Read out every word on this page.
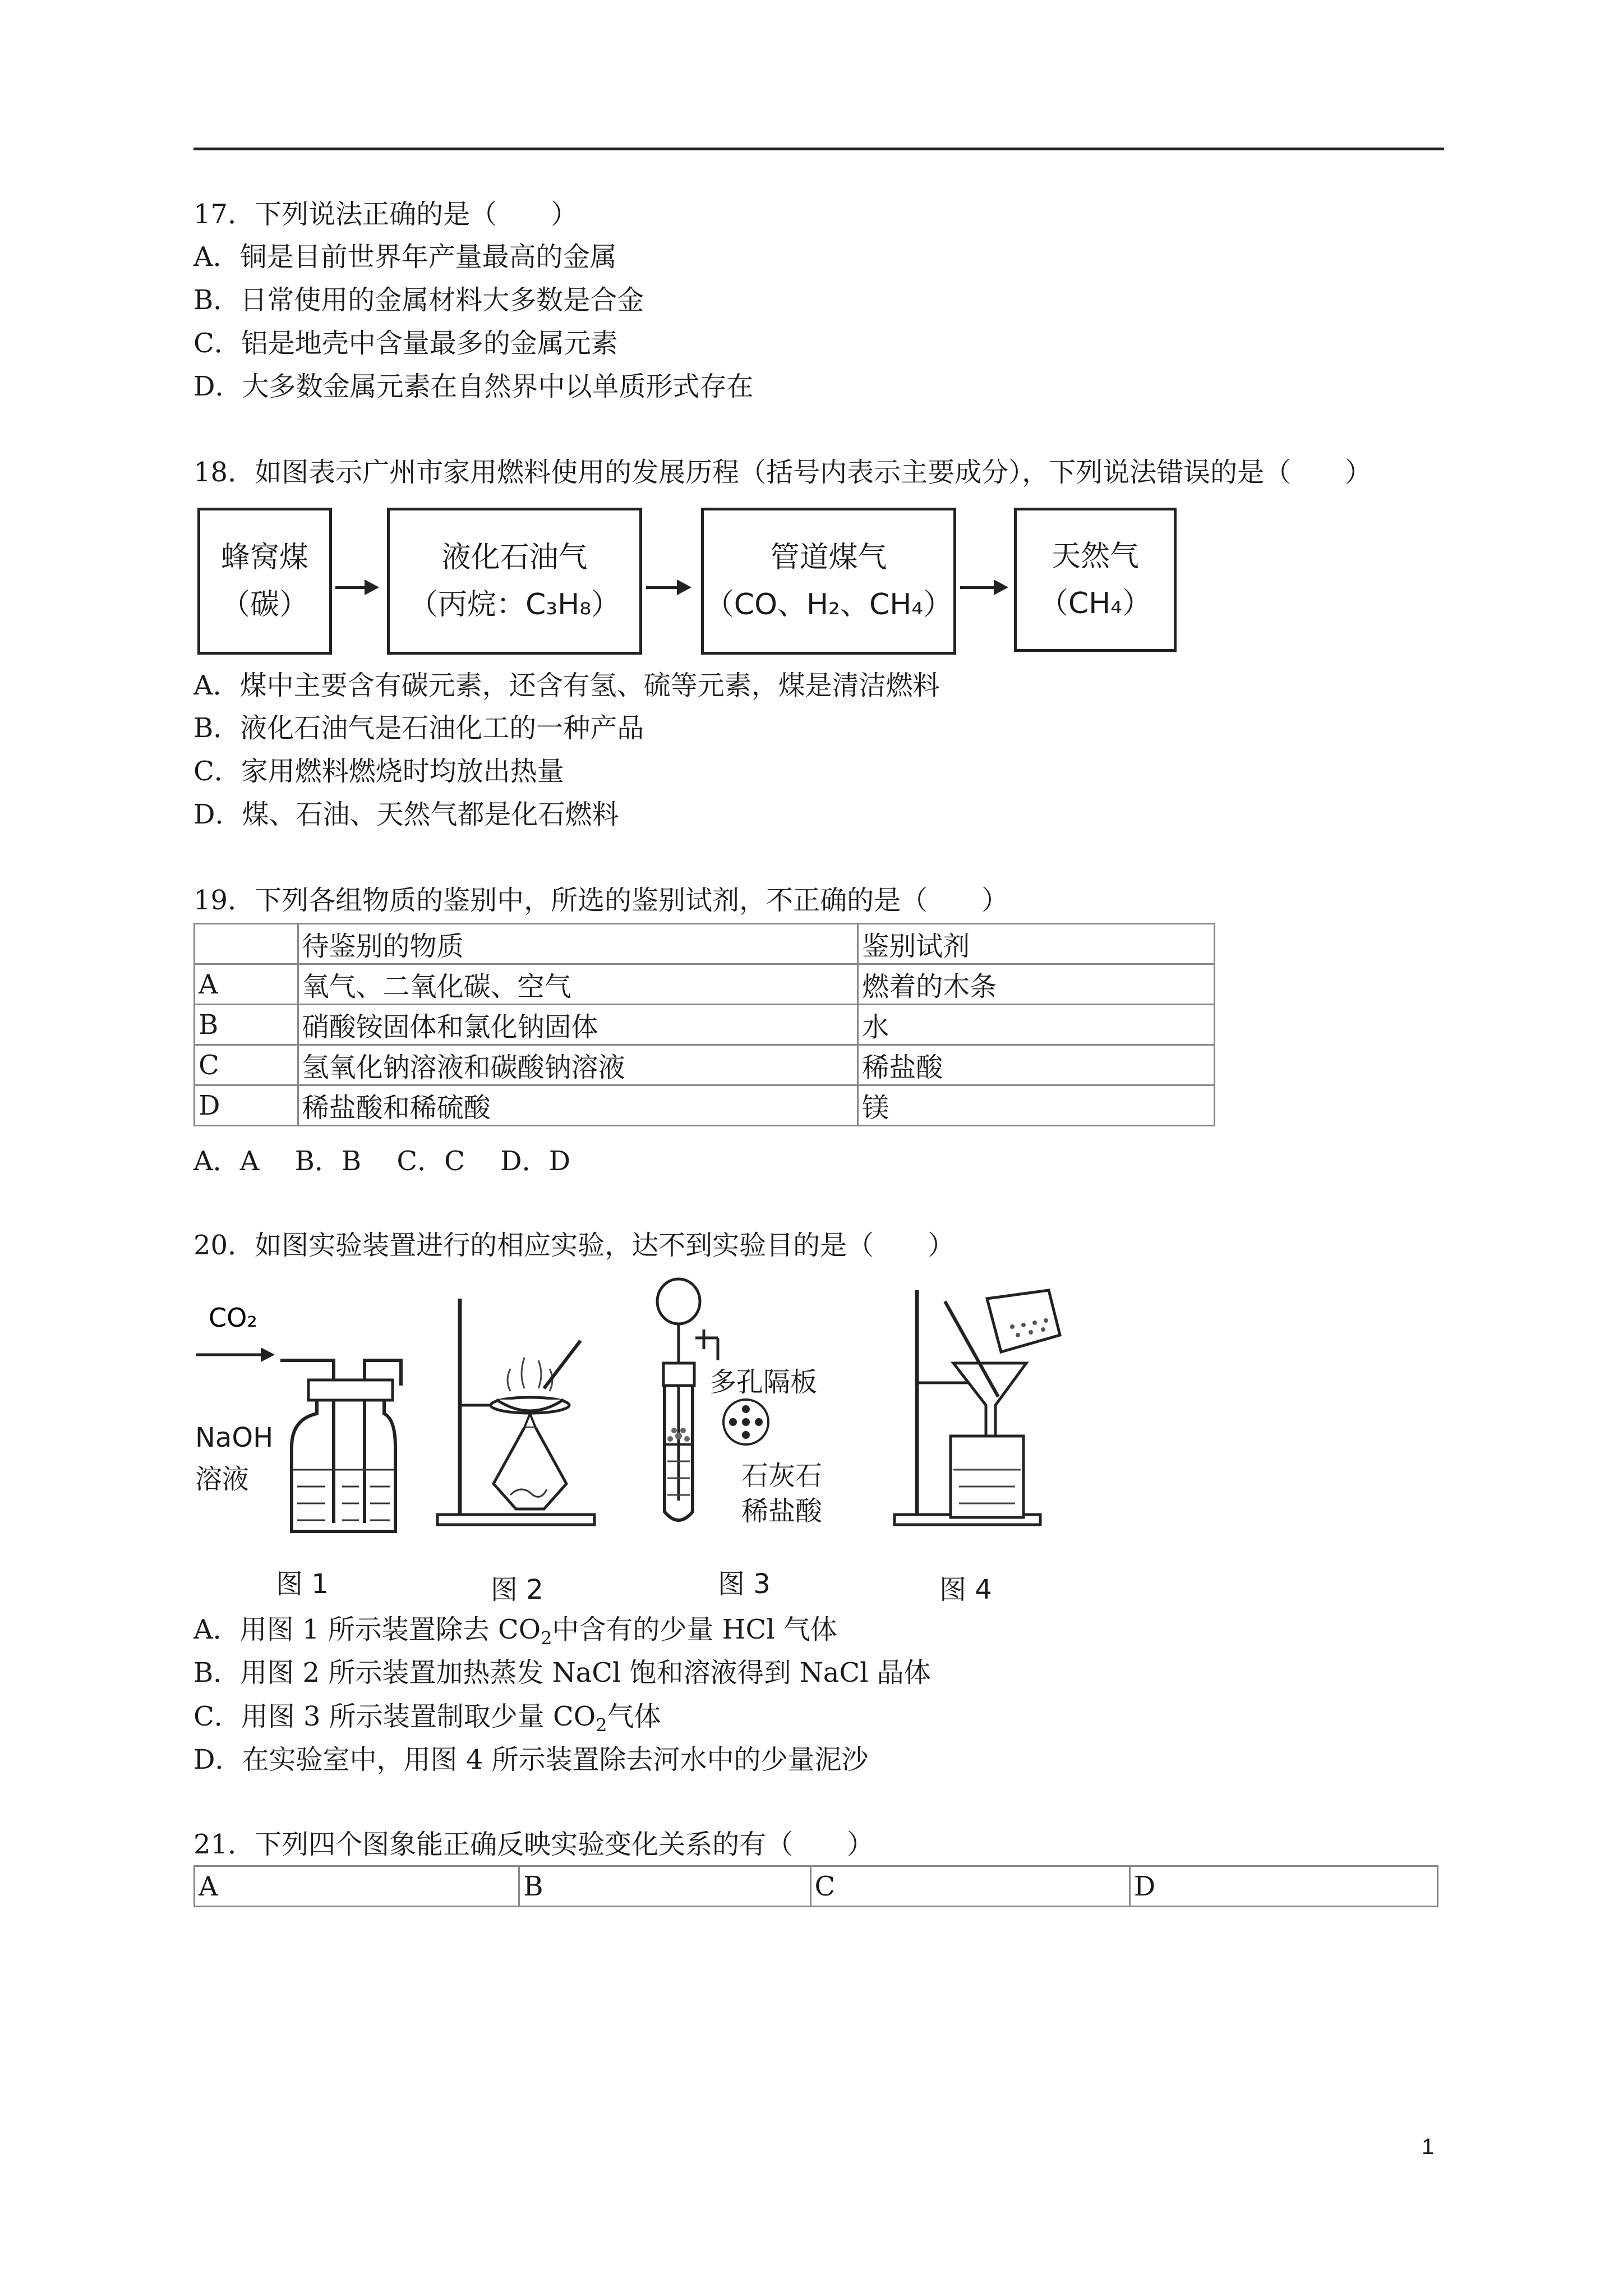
17．下列说法正确的是（　　）
A．铜是目前世界年产量最高的金属
B．日常使用的金属材料大多数是合金
C．铝是地壳中含量最多的金属元素
D．大多数金属元素在自然界中以单质形式存在
18．如图表示广州市家用燃料使用的发展历程（括号内表示主要成分），下列说法错误的是（　　）
蜂窝煤
（碳）
液化石油气
（丙烷：C₃H₈）
管道煤气
（CO、H₂、CH₄）
天然气
（CH₄）
A．煤中主要含有碳元素，还含有氢、硫等元素，煤是清洁燃料
B．液化石油气是石油化工的一种产品
C．家用燃料燃烧时均放出热量
D．煤、石油、天然气都是化石燃料
19．下列各组物质的鉴别中，所选的鉴别试剂，不正确的是（　　）
	待鉴别的物质	鉴别试剂
A	氧气、二氧化碳、空气	燃着的木条
B	硝酸铵固体和氯化钠固体	水
C	氢氧化钠溶液和碳酸钠溶液	稀盐酸
D	稀盐酸和稀硫酸	镁
A．A　 B．B　 C．C　 D．D
20．如图实验装置进行的相应实验，达不到实验目的是（　　）
CO₂
NaOH
溶液
多孔隔板
石灰石
稀盐酸
图 1	图 2	图 3	图 4
A．用图 1 所示装置除去 $CO_2$中含有的少量 HCl 气体
B．用图 2 所示装置加热蒸发 NaCl 饱和溶液得到 NaCl 晶体
C．用图 3 所示装置制取少量 $CO_2$气体
D．在实验室中，用图 4 所示装置除去河水中的少量泥沙
21．下列四个图象能正确反映实验变化关系的有（　　）
A	B	C	D
1
